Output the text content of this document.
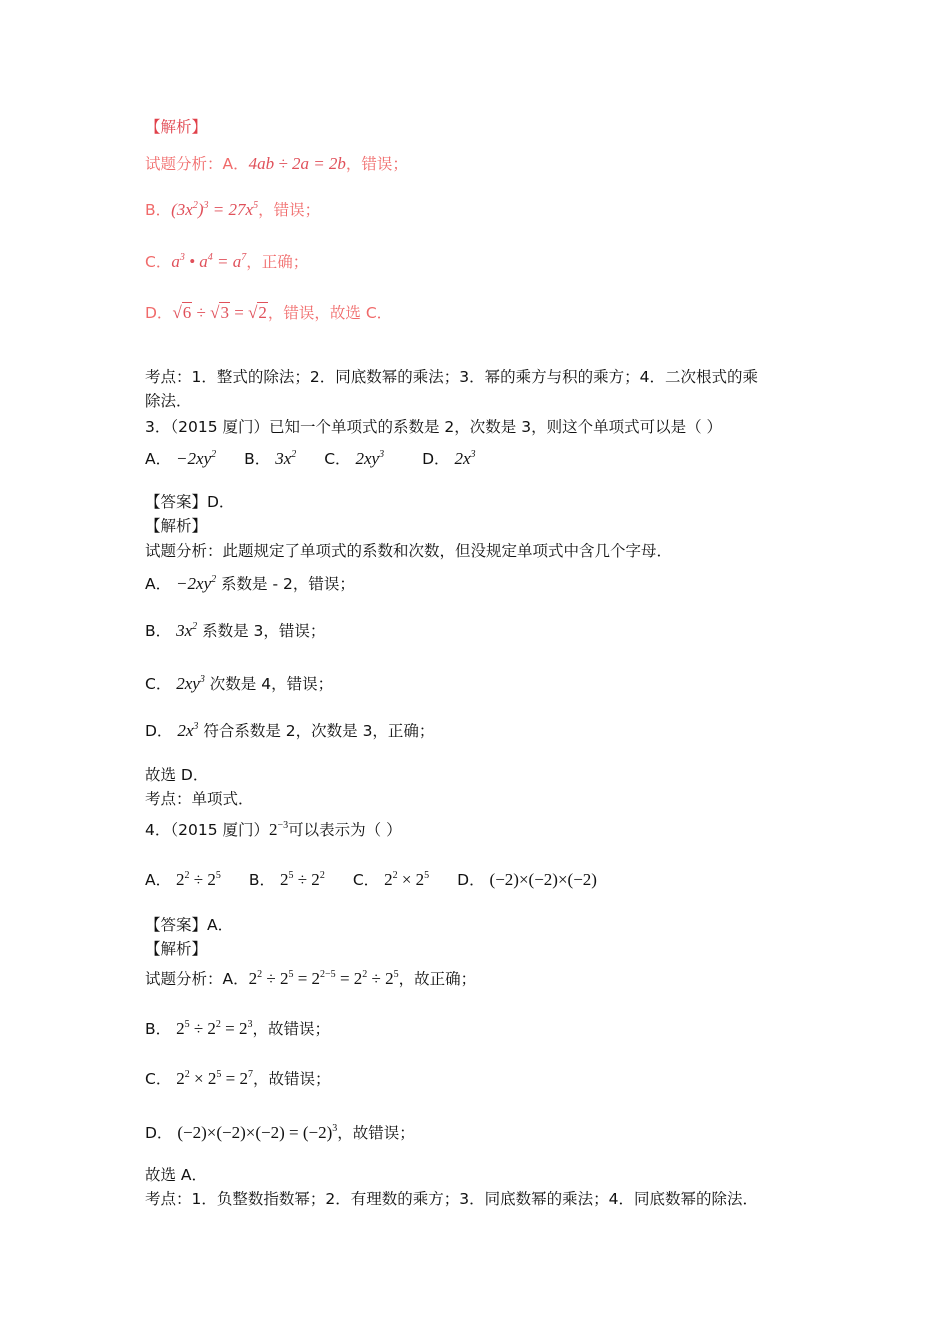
【解析】
试题分析：A．4ab ÷ 2a = 2b，错误；
B．$(3x^2)^3 = 27x^5$，错误；
C．$a^3$ • $a^4 = a^7$，正确；
D．√6 ÷ √3 = √2，错误，故选 C．
考点：1．整式的除法；2．同底数幂的乘法；3．幂的乘方与积的乘方；4．二次根式的乘
除法．
3．（2015 厦门）已知一个单项式的系数是 2，次数是 3，则这个单项式可以是（ ）
A． $-2xy^2$ B． $3x^2$ C． $2xy^3$ D． $2x^3$
【答案】D．
【解析】
试题分析：此题规定了单项式的系数和次数，但没规定单项式中含几个字母．
A． $-2xy^2$ 系数是 - 2，错误；
B． $3x^2$ 系数是 3，错误；
C． $2xy^3$ 次数是 4，错误；
D． $2x^3$ 符合系数是 2，次数是 3，正确；
故选 D．
考点：单项式．
4．（2015 厦门）$2^{-3}$可以表示为（ ）
A． $2^2 \div 2^5$ B． $2^5 \div 2^2$ C． $2^2 \times 2^5$ D． (−2)×(−2)×(−2)
【答案】A．
【解析】
试题分析：A．$2^2 \div 2^5 = 2^{2-5} = 2^2 \div 2^5$，故正确；
B． $2^5 \div 2^2 = 2^3$，故错误；
C． $2^2 \times 2^5 = 2^7$，故错误；
D． $(-2)\times(-2)\times(-2) = (-2)^3$，故错误；
故选 A．
考点：1．负整数指数幂；2．有理数的乘方；3．同底数幂的乘法；4．同底数幂的除法．
